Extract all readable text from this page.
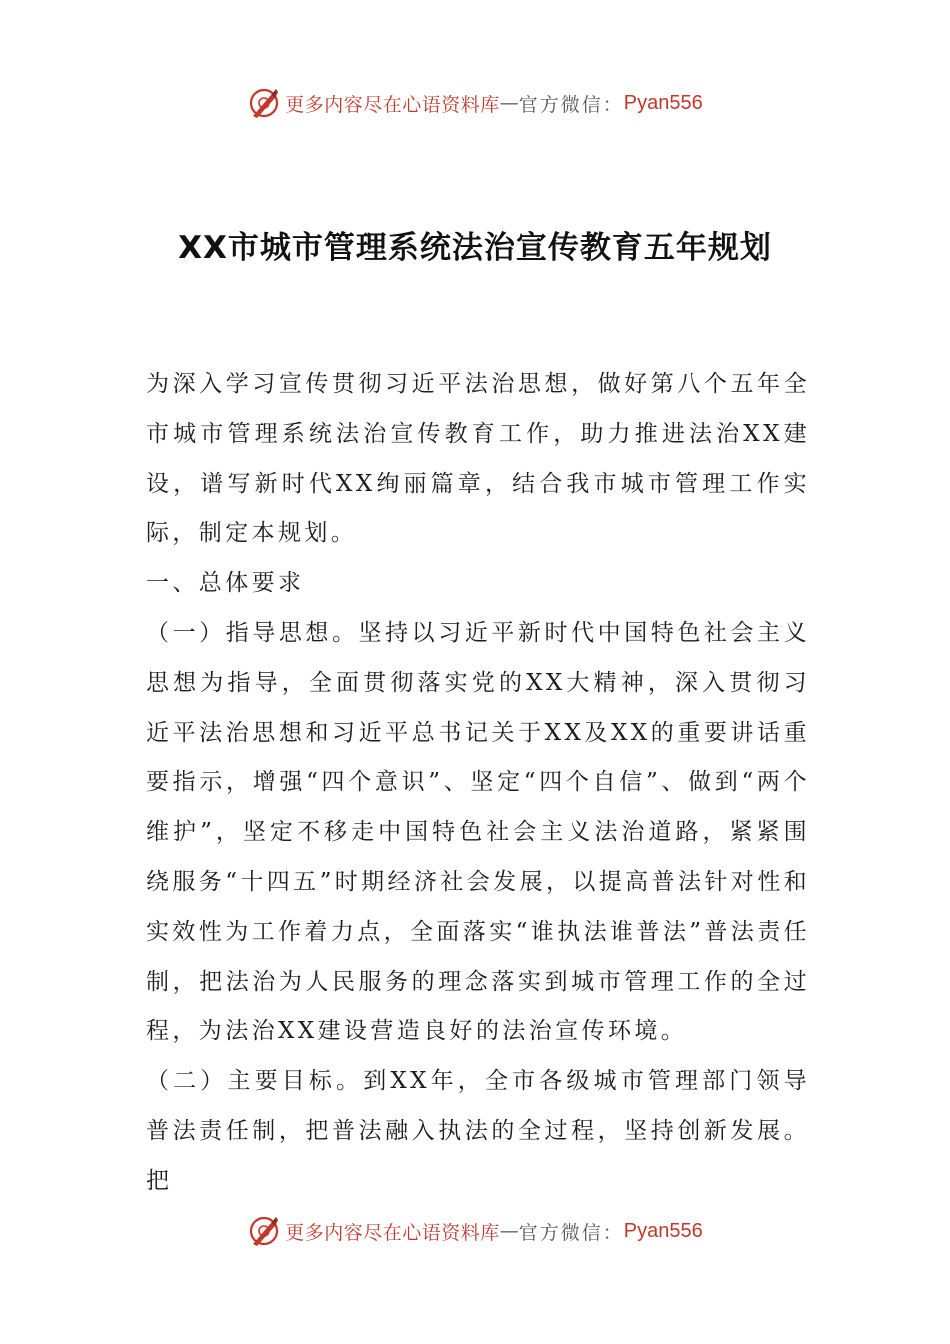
更多内容尽在心语资料库 — 官方微信： Pyan556
XX市城市管理系统法治宣传教育五年规划

为深入学习宣传贯彻习近平法治思想，做好第八个五年全市城市管理系统法治宣传教育工作，助力推进法治XX建设，谱写新时代XX绚丽篇章，结合我市城市管理工作实际，制定本规划。

一、总体要求

（一）指导思想。坚持以习近平新时代中国特色社会主义思想为指导，全面贯彻落实党的XX大精神，深入贯彻习近平法治思想和习近平总书记关于XX及XX的重要讲话重要指示，增强“四个意识”、坚定“四个自信”、做到“两个维护”，坚定不移走中国特色社会主义法治道路，紧紧围绕服务“十四五”时期经济社会发展，以提高普法针对性和实效性为工作着力点，全面落实“谁执法谁普法”普法责任制，把法治为人民服务的理念落实到城市管理工作的全过程，为法治XX建设营造良好的法治宣传环境。

（二）主要目标。到XX年，全市各级城市管理部门领导普法责任制，把普法融入执法的全过程，坚持创新发展。把

更多内容尽在心语资料库 — 官方微信： Pyan556
